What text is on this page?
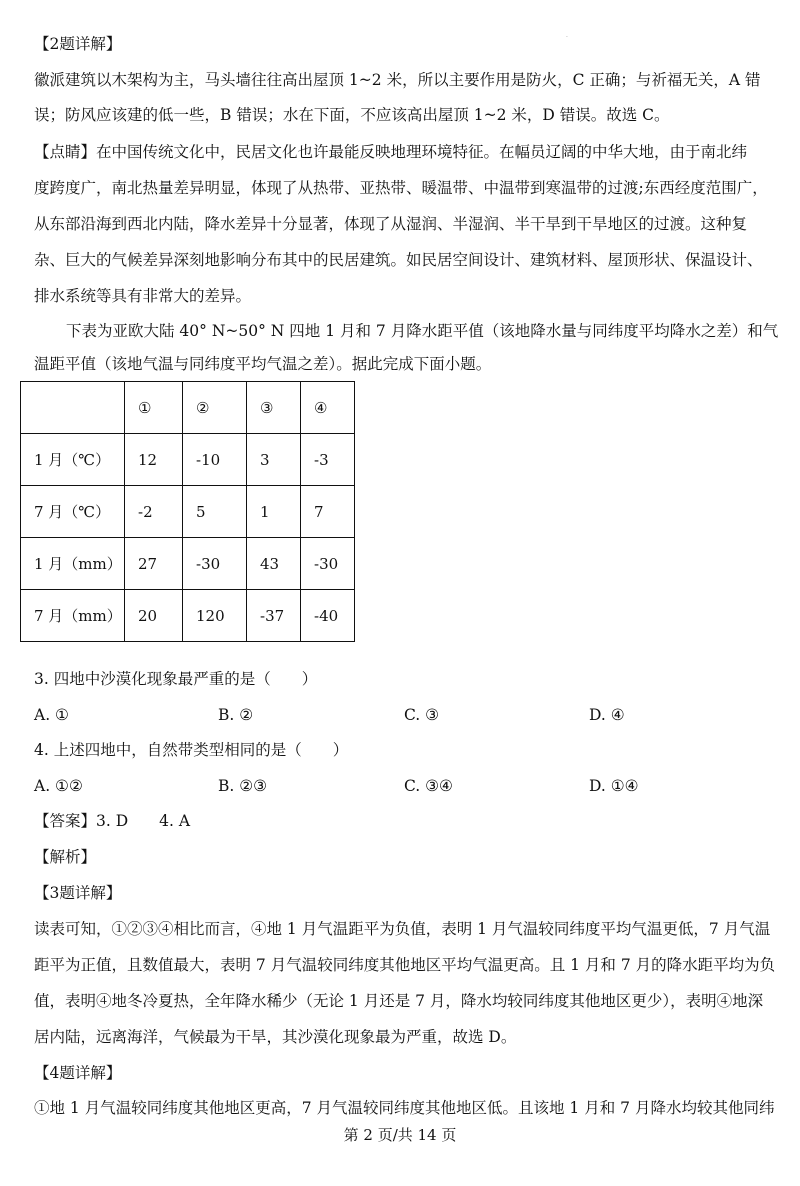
·
【2题详解】
徽派建筑以木架构为主，马头墙往往高出屋顶 1~2 米，所以主要作用是防火，C 正确；与祈福无关，A 错
误；防风应该建的低一些，B 错误；水在下面，不应该高出屋顶 1~2 米，D 错误。故选 C。
【点睛】在中国传统文化中，民居文化也许最能反映地理环境特征。在幅员辽阔的中华大地，由于南北纬
度跨度广，南北热量差异明显，体现了从热带、亚热带、暖温带、中温带到寒温带的过渡;东西经度范围广，
从东部沿海到西北内陆，降水差异十分显著，体现了从湿润、半湿润、半干旱到干旱地区的过渡。这种复
杂、巨大的气候差异深刻地影响分布其中的民居建筑。如民居空间设计、建筑材料、屋顶形状、保温设计、
排水系统等具有非常大的差异。
下表为亚欧大陆 40° N~50° N 四地 1 月和 7 月降水距平值（该地降水量与同纬度平均降水之差）和气
温距平值（该地气温与同纬度平均气温之差）。据此完成下面小题。
	①	②	③	④
1 月（℃）	12	-10	3	-3
7 月（℃）	-2	5	1	7
1 月（mm）	27	-30	43	-30
7 月（mm）	20	120	-37	-40
3. 四地中沙漠化现象最严重的是（　　）
A. ①	B. ②	C. ③	D. ④
4. 上述四地中，自然带类型相同的是（　　）
A. ①②	B. ②③	C. ③④	D. ①④
【答案】3. D　　4. A
【解析】
【3题详解】
读表可知，①②③④相比而言，④地 1 月气温距平为负值，表明 1 月气温较同纬度平均气温更低，7 月气温
距平为正值，且数值最大，表明 7 月气温较同纬度其他地区平均气温更高。且 1 月和 7 月的降水距平均为负
值，表明④地冬冷夏热，全年降水稀少（无论 1 月还是 7 月，降水均较同纬度其他地区更少），表明④地深
居内陆，远离海洋，气候最为干旱，其沙漠化现象最为严重，故选 D。
【4题详解】
①地 1 月气温较同纬度其他地区更高，7 月气温较同纬度其他地区低。且该地 1 月和 7 月降水均较其他同纬
第 2 页/共 14 页
